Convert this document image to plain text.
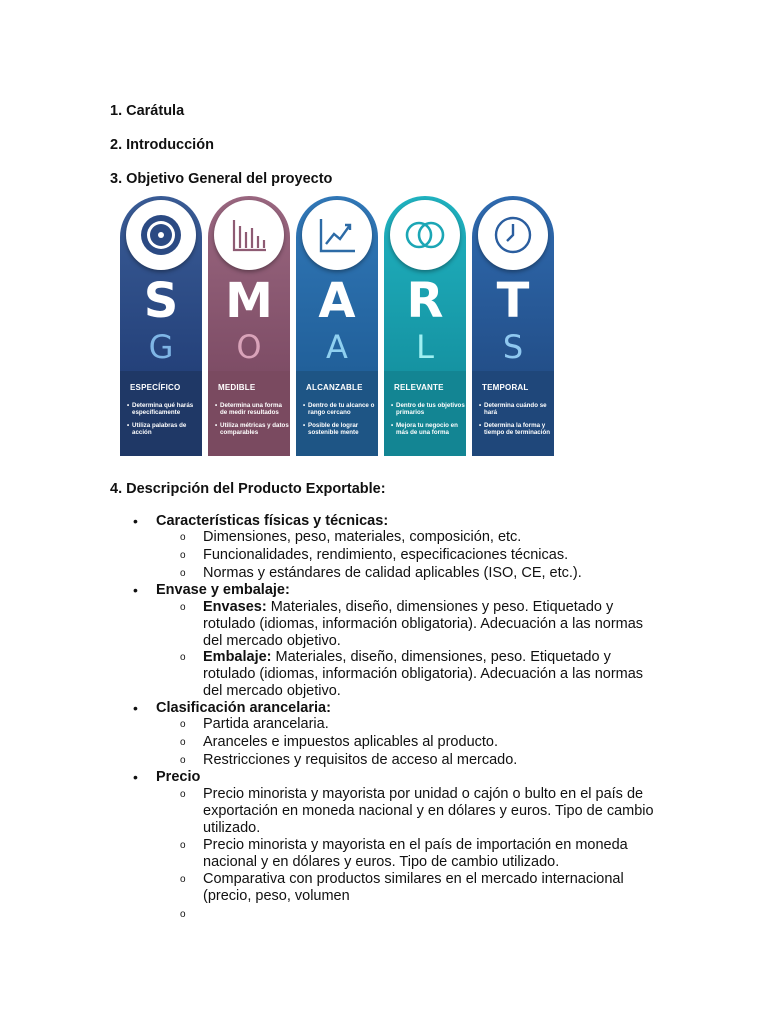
1. Carátula

2. Introducción

3. Objetivo General del proyecto

S
G
ESPECÍFICO
• Determina qué harás específicamente
• Utiliza palabras de acción
M
O
MEDIBLE
• Determina una forma de medir resultados
• Utiliza métricas y datos comparables
A
A
ALCANZABLE
• Dentro de tu alcance o rango cercano
• Posible de lograr sostenible mente
R
L
RELEVANTE
• Dentro de tus objetivos primarios
• Mejora tu negocio en más de una forma
T
S
TEMPORAL
• Determina cuándo se hará
• Determina la forma y tiempo de terminación

4. Descripción del Producto Exportable:

• Características físicas y técnicas:
o Dimensiones, peso, materiales, composición, etc.
o Funcionalidades, rendimiento, especificaciones técnicas.
o Normas y estándares de calidad aplicables (ISO, CE, etc.).
• Envase y embalaje:
o Envases: Materiales, diseño, dimensiones y peso. Etiquetado y rotulado (idiomas, información obligatoria). Adecuación a las normas del mercado objetivo.
o Embalaje: Materiales, diseño, dimensiones, peso. Etiquetado y rotulado (idiomas, información obligatoria). Adecuación a las normas del mercado objetivo.
• Clasificación arancelaria:
o Partida arancelaria.
o Aranceles e impuestos aplicables al producto.
o Restricciones y requisitos de acceso al mercado.
• Precio
o Precio minorista y mayorista por unidad o cajón o bulto en el país de exportación en moneda nacional y en dólares y euros. Tipo de cambio utilizado.
o Precio minorista y mayorista en el país de importación en moneda nacional y en dólares y euros. Tipo de cambio utilizado.
o Comparativa con productos similares en el mercado internacional (precio, peso, volumen
o
